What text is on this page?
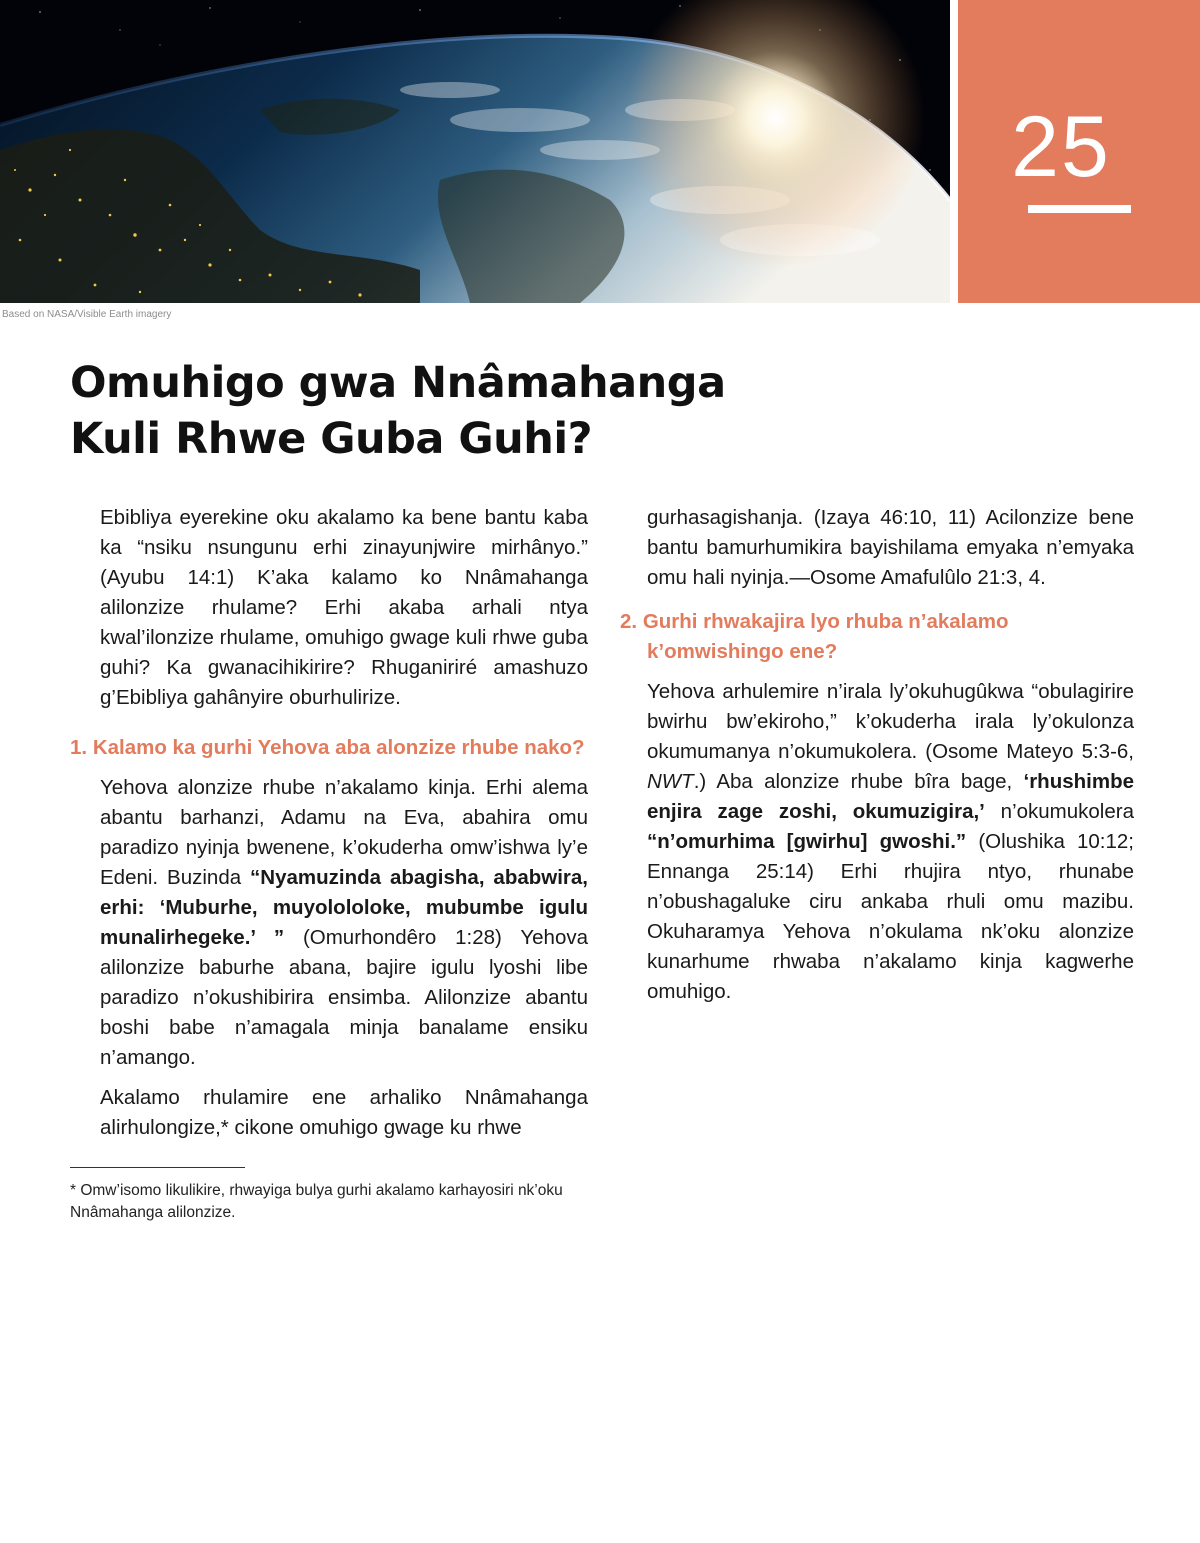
25
Based on NASA/Visible Earth imagery
Omuhigo gwa Nnâmahanga
Kuli Rhwe Guba Guhi?

Ebibliya eyerekine oku akalamo ka bene bantu kaba ka “nsiku nsungunu erhi zinayunjwire mirhânyo.” (Ayubu 14:1) K’aka kalamo ko Nnâmahanga alilonzize rhulame? Erhi akaba arhali ntya kwal’ilonzize rhulame, omuhigo gwage kuli rhwe guba guhi? Ka gwanacihikirire? Rhuganiriré amashuzo g’Ebibliya gahânyire oburhulirize.

1. Kalamo ka gurhi Yehova aba alonzize rhube nako?

Yehova alonzize rhube n’akalamo kinja. Erhi alema abantu barhanzi, Adamu na Eva, abahira omu paradizo nyinja bwenene, k’okuderha omw’ishwa ly’e Edeni. Buzinda “Nyamuzinda abagisha, ababwira, erhi: ‘Muburhe, muyolololoke, mubumbe igulu munalirhegeke.’ ” (Omurhondêro 1:28) Yehova alilonzize baburhe abana, bajire igulu lyoshi libe paradizo n’okushibirira ensimba. Alilonzize abantu boshi babe n’amagala minja banalame ensiku n’amango.

Akalamo rhulamire ene arhaliko Nnâmahanga alirhulongize,* cikone omuhigo gwage ku rhwe

gurhasagishanja. (Izaya 46:10, 11) Acilonzize bene bantu bamurhumikira bayishilama emyaka n’emyaka omu hali nyinja.—Osome Amafulûlo 21:3, 4.

2. Gurhi rhwakajira lyo rhuba n’akalamo k’omwishingo ene?

Yehova arhulemire n’irala ly’okuhugûkwa “obulagirire bwirhu bw’ekiroho,” k’okuderha irala ly’okulonza okumumanya n’okumukolera. (Osome Mateyo 5:3-6, NWT.) Aba alonzize rhube bîra bage, ‘rhushimbe enjira zage zoshi, okumuzigira,’ n’okumukolera “n’omurhima [gwirhu] gwoshi.” (Olushika 10:12; Ennanga 25:14) Erhi rhujira ntyo, rhunabe n’obushagaluke ciru ankaba rhuli omu mazibu. Okuharamya Yehova n’okulama nk’oku alonzize kunarhume rhwaba n’akalamo kinja kagwerhe omuhigo.

* Omw’isomo likulikire, rhwayiga bulya gurhi akalamo karhayosiri nk’oku Nnâmahanga alilonzize.
